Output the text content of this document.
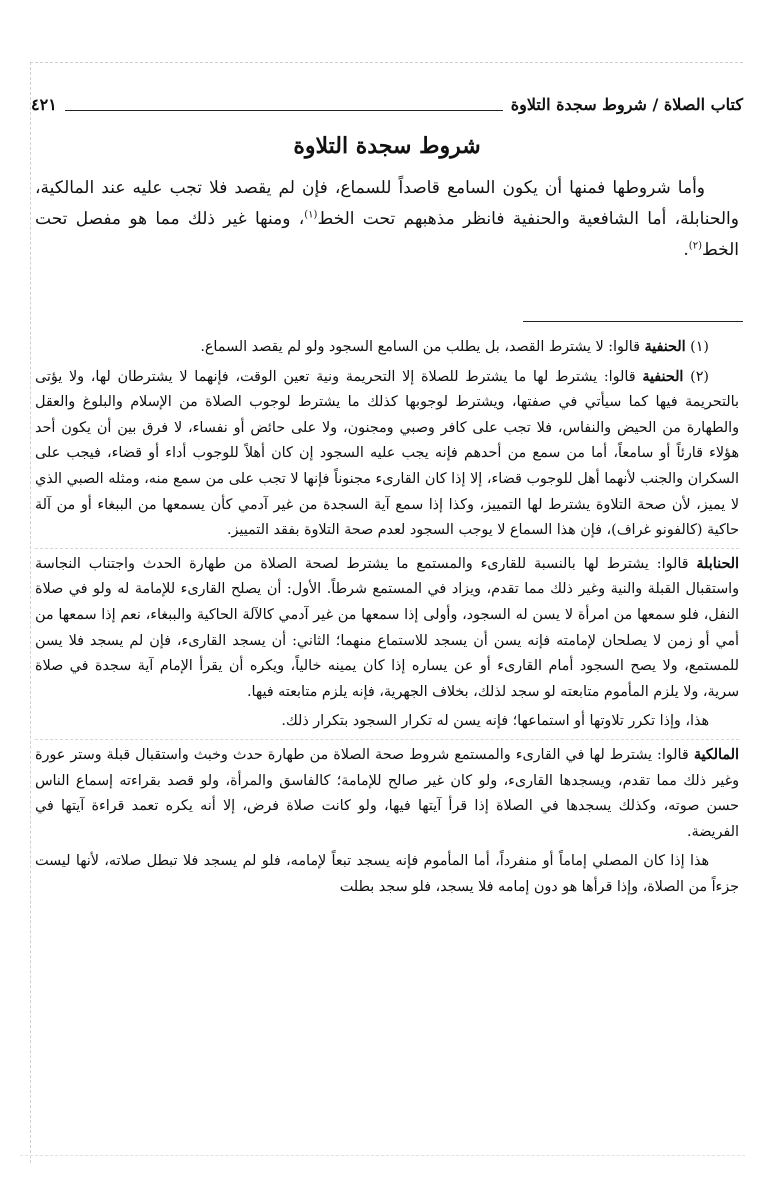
كتاب الصلاة / شروط سجدة التلاوة
٤٢١
شروط سجدة التلاوة

وأما شروطها فمنها أن يكون السامع قاصداً للسماع، فإن لم يقصد فلا تجب عليه عند المالكية، والحنابلة، أما الشافعية والحنفية فانظر مذهبهم تحت الخط$^{(١)}$، ومنها غير ذلك مما هو مفصل تحت الخط$^{(٢)}$.

(١) الحنفية قالوا: لا يشترط القصد، بل يطلب من السامع السجود ولو لم يقصد السماع.

(٢) الحنفية قالوا: يشترط لها ما يشترط للصلاة إلا التحريمة ونية تعين الوقت، فإنهما لا يشترطان لها، ولا يؤتى بالتحريمة فيها كما سيأتي في صفتها، ويشترط لوجوبها كذلك ما يشترط لوجوب الصلاة من الإسلام والبلوغ والعقل والطهارة من الحيض والنفاس، فلا تجب على كافر وصبي ومجنون، ولا على حائض أو نفساء، لا فرق بين أن يكون أحد هؤلاء قارئاً أو سامعاً، أما من سمع من أحدهم فإنه يجب عليه السجود إن كان أهلاً للوجوب أداء أو قضاء، فيجب على السكران والجنب لأنهما أهل للوجوب قضاء، إلا إذا كان القارىء مجنوناً فإنها لا تجب على من سمع منه، ومثله الصبي الذي لا يميز، لأن صحة التلاوة يشترط لها التمييز، وكذا إذا سمع آية السجدة من غير آدمي كأن يسمعها من الببغاء أو من آلة حاكية (كالفونو غراف)، فإن هذا السماع لا يوجب السجود لعدم صحة التلاوة بفقد التمييز.

الحنابلة قالوا: يشترط لها بالنسبة للقارىء والمستمع ما يشترط لصحة الصلاة من طهارة الحدث واجتناب النجاسة واستقبال القبلة والنية وغير ذلك مما تقدم، ويزاد في المستمع شرطاً. الأول: أن يصلح القارىء للإمامة له ولو في صلاة النفل، فلو سمعها من امرأة لا يسن له السجود، وأولى إذا سمعها من غير آدمي كالآلة الحاكية والببغاء، نعم إذا سمعها من أمي أو زمن لا يصلحان لإمامته فإنه يسن أن يسجد للاستماع منهما؛ الثاني: أن يسجد القارىء، فإن لم يسجد فلا يسن للمستمع، ولا يصح السجود أمام القارىء أو عن يساره إذا كان يمينه خالياً، ويكره أن يقرأ الإمام آية سجدة في صلاة سرية، ولا يلزم المأموم متابعته لو سجد لذلك، بخلاف الجهرية، فإنه يلزم متابعته فيها.

هذا، وإذا تكرر تلاوتها أو استماعها؛ فإنه يسن له تكرار السجود بتكرار ذلك.

المالكية قالوا: يشترط لها في القارىء والمستمع شروط صحة الصلاة من طهارة حدث وخبث واستقبال قبلة وستر عورة وغير ذلك مما تقدم، ويسجدها القارىء، ولو كان غير صالح للإمامة؛ كالفاسق والمرأة، ولو قصد بقراءته إسماع الناس حسن صوته، وكذلك يسجدها في الصلاة إذا قرأ آيتها فيها، ولو كانت صلاة فرض، إلا أنه يكره تعمد قراءة آيتها في الفريضة.

هذا إذا كان المصلي إماماً أو منفرداً، أما المأموم فإنه يسجد تبعاً لإمامه، فلو لم يسجد فلا تبطل صلاته، لأنها ليست جزءاً من الصلاة، وإذا قرأها هو دون إمامه فلا يسجد، فلو سجد بطلت
